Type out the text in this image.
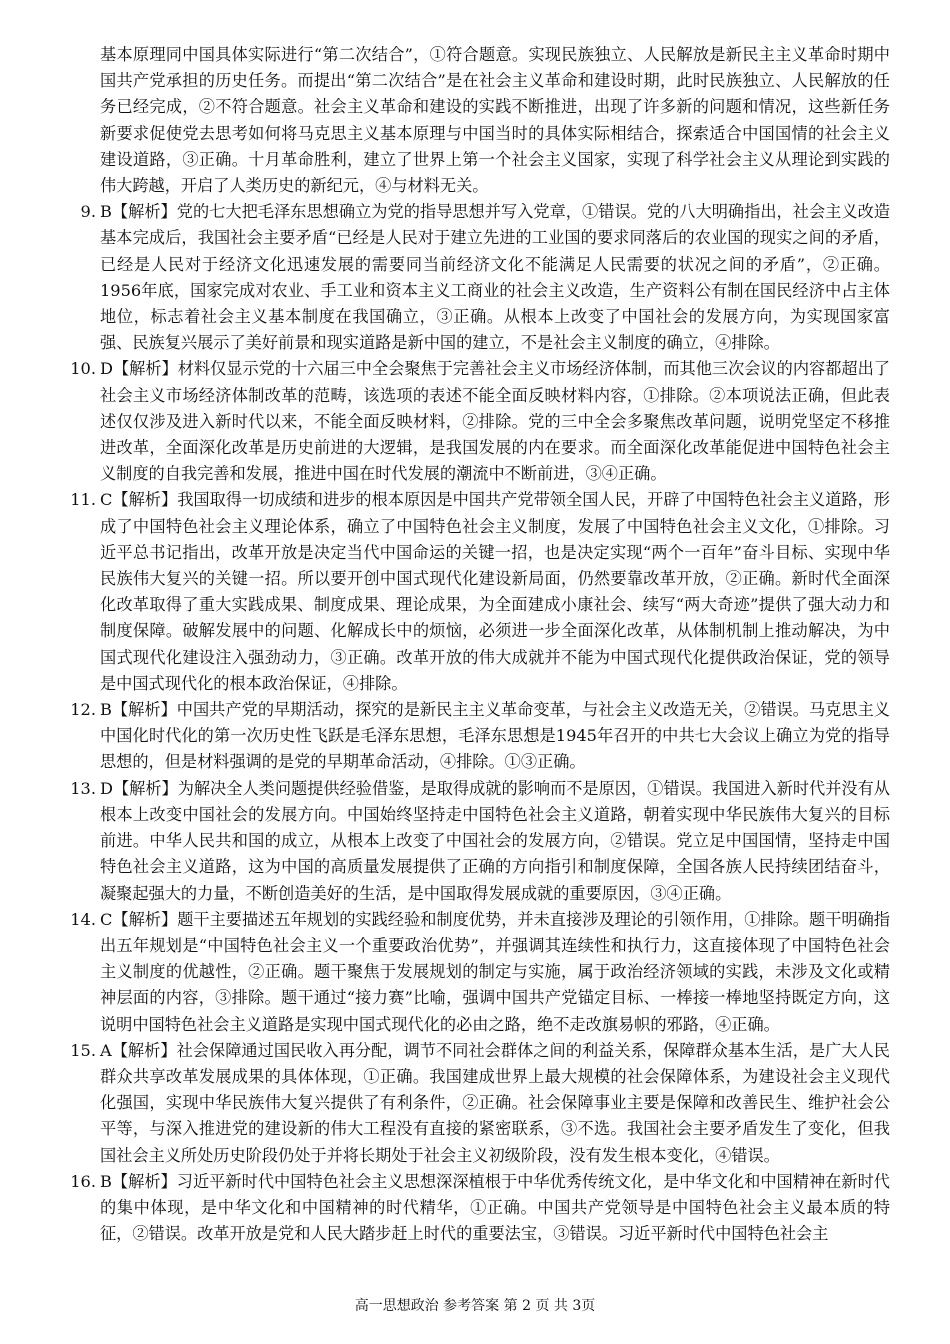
基本原理同中国具体实际进行“第二次结合”，①符合题意。实现民族独立、人民解放是新民主主义革命时期中国共产党承担的历史任务。而提出“第二次结合”是在社会主义革命和建设时期，此时民族独立、人民解放的任务已经完成，②不符合题意。社会主义革命和建设的实践不断推进，出现了许多新的问题和情况，这些新任务新要求促使党去思考如何将马克思主义基本原理与中国当时的具体实际相结合，探索适合中国国情的社会主义建设道路，③正确。十月革命胜利，建立了世界上第一个社会主义国家，实现了科学社会主义从理论到实践的伟大跨越，开启了人类历史的新纪元，④与材料无关。

9. B【解析】党的七大把毛泽东思想确立为党的指导思想并写入党章，①错误。党的八大明确指出，社会主义改造基本完成后，我国社会主要矛盾“已经是人民对于建立先进的工业国的要求同落后的农业国的现实之间的矛盾，已经是人民对于经济文化迅速发展的需要同当前经济文化不能满足人民需要的状况之间的矛盾”，②正确。1956年底，国家完成对农业、手工业和资本主义工商业的社会主义改造，生产资料公有制在国民经济中占主体地位，标志着社会主义基本制度在我国确立，③正确。从根本上改变了中国社会的发展方向，为实现国家富强、民族复兴展示了美好前景和现实道路是新中国的建立，不是社会主义制度的确立，④排除。

10. D【解析】材料仅显示党的十六届三中全会聚焦于完善社会主义市场经济体制，而其他三次会议的内容都超出了社会主义市场经济体制改革的范畴，该选项的表述不能全面反映材料内容，①排除。②本项说法正确，但此表述仅仅涉及进入新时代以来，不能全面反映材料，②排除。党的三中全会多聚焦改革问题，说明党坚定不移推进改革，全面深化改革是历史前进的大逻辑，是我国发展的内在要求。而全面深化改革能促进中国特色社会主义制度的自我完善和发展，推进中国在时代发展的潮流中不断前进，③④正确。

11. C【解析】我国取得一切成绩和进步的根本原因是中国共产党带领全国人民，开辟了中国特色社会主义道路，形成了中国特色社会主义理论体系，确立了中国特色社会主义制度，发展了中国特色社会主义文化，①排除。习近平总书记指出，改革开放是决定当代中国命运的关键一招，也是决定实现“两个一百年”奋斗目标、实现中华民族伟大复兴的关键一招。所以要开创中国式现代化建设新局面，仍然要靠改革开放，②正确。新时代全面深化改革取得了重大实践成果、制度成果、理论成果，为全面建成小康社会、续写“两大奇迹”提供了强大动力和制度保障。破解发展中的问题、化解成长中的烦恼，必须进一步全面深化改革，从体制机制上推动解决，为中国式现代化建设注入强劲动力，③正确。改革开放的伟大成就并不能为中国式现代化提供政治保证，党的领导是中国式现代化的根本政治保证，④排除。

12. B【解析】中国共产党的早期活动，探究的是新民主主义革命变革，与社会主义改造无关，②错误。马克思主义中国化时代化的第一次历史性飞跃是毛泽东思想，毛泽东思想是1945年召开的中共七大会议上确立为党的指导思想的，但是材料强调的是党的早期革命活动，④排除。①③正确。

13. D【解析】为解决全人类问题提供经验借鉴，是取得成就的影响而不是原因，①错误。我国进入新时代并没有从根本上改变中国社会的发展方向。中国始终坚持走中国特色社会主义道路，朝着实现中华民族伟大复兴的目标前进。中华人民共和国的成立，从根本上改变了中国社会的发展方向，②错误。党立足中国国情，坚持走中国特色社会主义道路，这为中国的高质量发展提供了正确的方向指引和制度保障，全国各族人民持续团结奋斗，凝聚起强大的力量，不断创造美好的生活，是中国取得发展成就的重要原因，③④正确。

14. C【解析】题干主要描述五年规划的实践经验和制度优势，并未直接涉及理论的引领作用，①排除。题干明确指出五年规划是“中国特色社会主义一个重要政治优势”，并强调其连续性和执行力，这直接体现了中国特色社会主义制度的优越性，②正确。题干聚焦于发展规划的制定与实施，属于政治经济领域的实践，未涉及文化或精神层面的内容，③排除。题干通过“接力赛”比喻，强调中国共产党锚定目标、一棒接一棒地坚持既定方向，这说明中国特色社会主义道路是实现中国式现代化的必由之路，绝不走改旗易帜的邪路，④正确。

15. A【解析】社会保障通过国民收入再分配，调节不同社会群体之间的利益关系，保障群众基本生活，是广大人民群众共享改革发展成果的具体体现，①正确。我国建成世界上最大规模的社会保障体系，为建设社会主义现代化强国，实现中华民族伟大复兴提供了有利条件，②正确。社会保障事业主要是保障和改善民生、维护社会公平等，与深入推进党的建设新的伟大工程没有直接的紧密联系，③不选。我国社会主要矛盾发生了变化，但我国社会主义所处历史阶段仍处于并将长期处于社会主义初级阶段，没有发生根本变化，④错误。

16. B【解析】习近平新时代中国特色社会主义思想深深植根于中华优秀传统文化，是中华文化和中国精神在新时代的集中体现，是中华文化和中国精神的时代精华，①正确。中国共产党领导是中国特色社会主义最本质的特征，②错误。改革开放是党和人民大踏步赶上时代的重要法宝，③错误。习近平新时代中国特色社会主

高一思想政治 参考答案 第 2 页 共 3页
